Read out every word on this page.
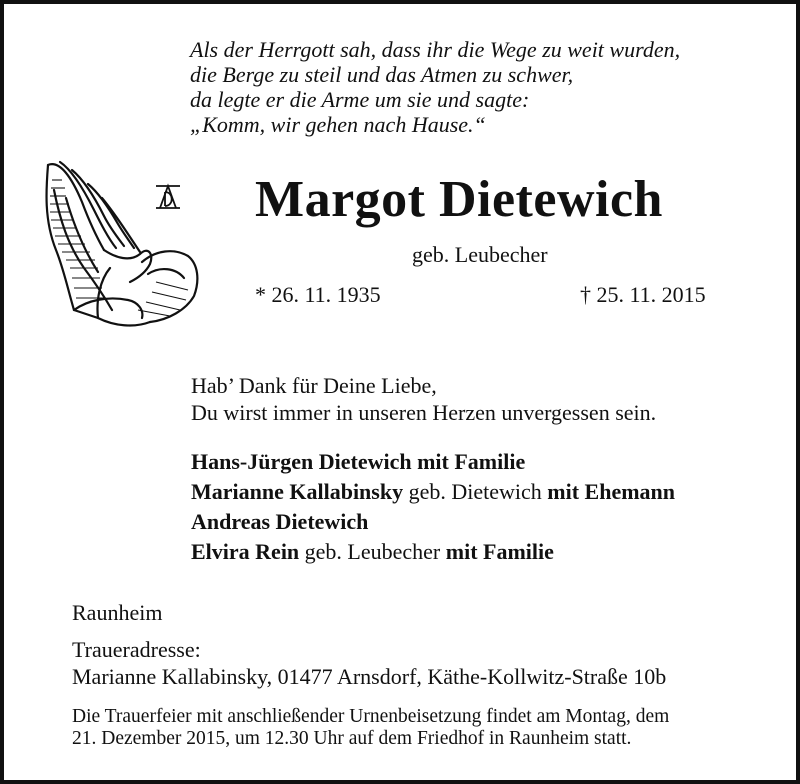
Als der Herrgott sah, dass ihr die Wege zu weit wurden,
die Berge zu steil und das Atmen zu schwer,
da legte er die Arme um sie und sagte:
„Komm, wir gehen nach Hause.“
Margot Dietewich
geb. Leubecher
* 26. 11. 1935	† 25. 11. 2015
Hab’ Dank für Deine Liebe,
Du wirst immer in unseren Herzen unvergessen sein.
Hans-Jürgen Dietewich mit Familie
Marianne Kallabinsky geb. Dietewich mit Ehemann
Andreas Dietewich
Elvira Rein geb. Leubecher mit Familie
Raunheim
Traueradresse:
Marianne Kallabinsky, 01477 Arnsdorf, Käthe-Kollwitz-Straße 10b
Die Trauerfeier mit anschließender Urnenbeisetzung findet am Montag, dem
21. Dezember 2015, um 12.30 Uhr auf dem Friedhof in Raunheim statt.
